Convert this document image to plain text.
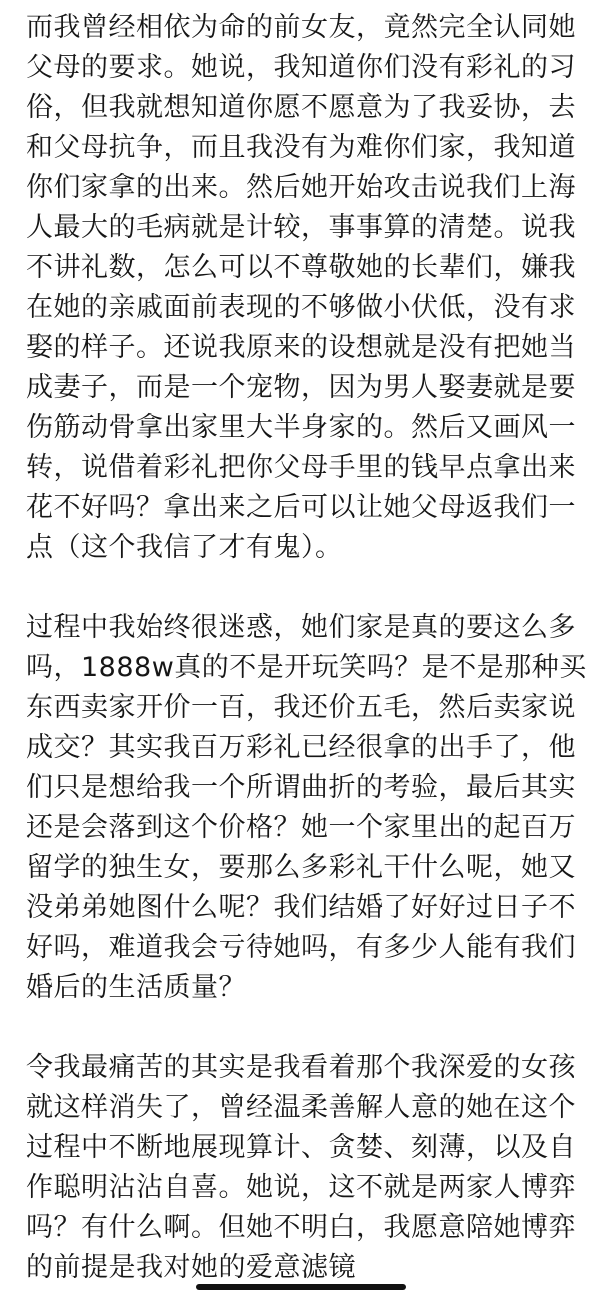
而我曾经相依为命的前女友，竟然完全认同她
父母的要求。她说，我知道你们没有彩礼的习
俗，但我就想知道你愿不愿意为了我妥协，去
和父母抗争，而且我没有为难你们家，我知道
你们家拿的出来。然后她开始攻击说我们上海
人最大的毛病就是计较，事事算的清楚。说我
不讲礼数，怎么可以不尊敬她的长辈们，嫌我
在她的亲戚面前表现的不够做小伏低，没有求
娶的样子。还说我原来的设想就是没有把她当
成妻子，而是一个宠物，因为男人娶妻就是要
伤筋动骨拿出家里大半身家的。然后又画风一
转，说借着彩礼把你父母手里的钱早点拿出来
花不好吗？拿出来之后可以让她父母返我们一
点（这个我信了才有鬼）。
过程中我始终很迷惑，她们家是真的要这么多
吗，1888w真的不是开玩笑吗？是不是那种买
东西卖家开价一百，我还价五毛，然后卖家说
成交？其实我百万彩礼已经很拿的出手了，他
们只是想给我一个所谓曲折的考验，最后其实
还是会落到这个价格？她一个家里出的起百万
留学的独生女，要那么多彩礼干什么呢，她又
没弟弟她图什么呢？我们结婚了好好过日子不
好吗，难道我会亏待她吗，有多少人能有我们
婚后的生活质量？
令我最痛苦的其实是我看着那个我深爱的女孩
就这样消失了，曾经温柔善解人意的她在这个
过程中不断地展现算计、贪婪、刻薄，以及自
作聪明沾沾自喜。她说，这不就是两家人博弈
吗？有什么啊。但她不明白，我愿意陪她博弈
的前提是我对她的爱意滤镜
